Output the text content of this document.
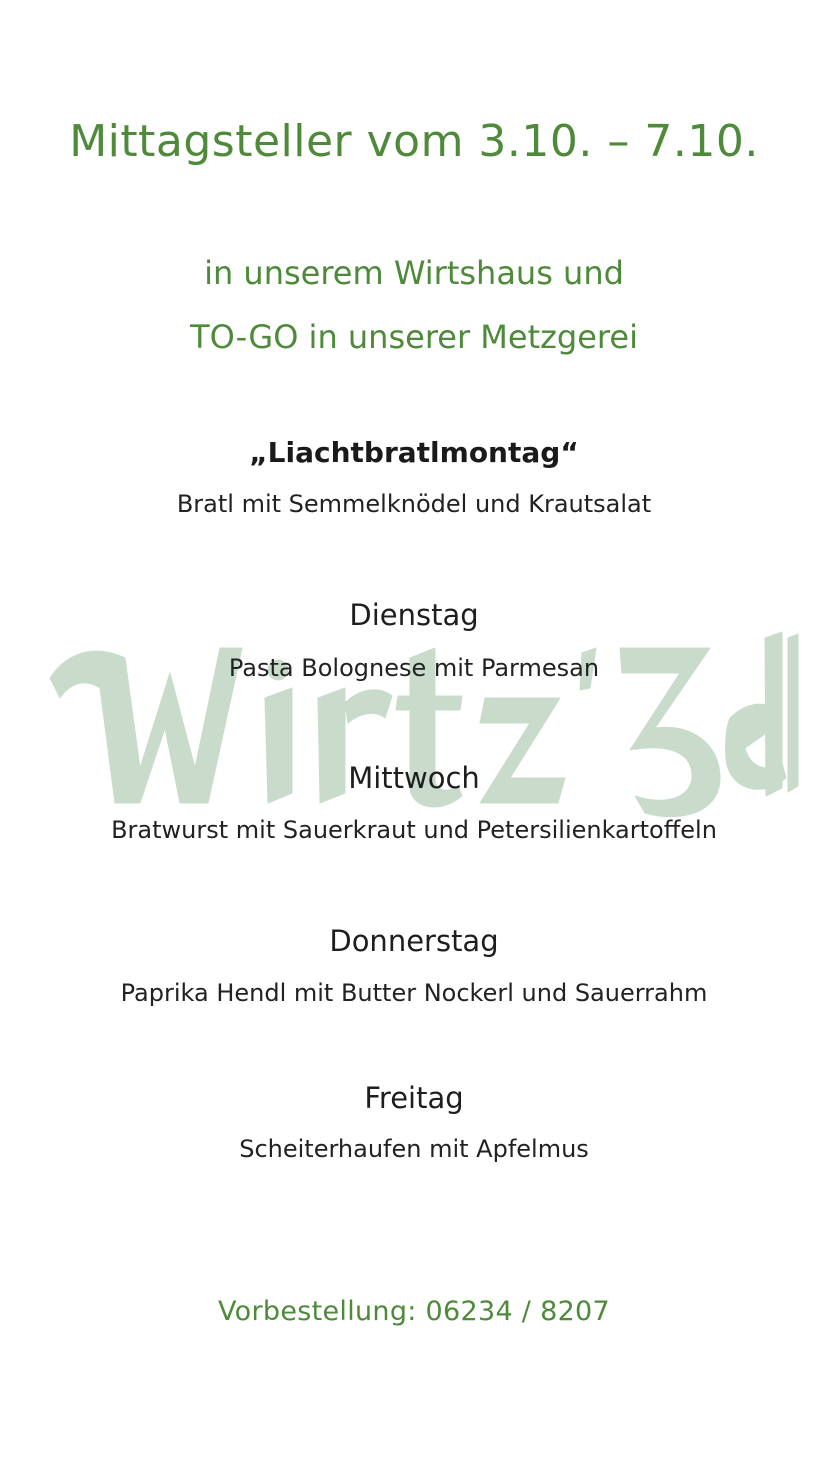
Mittagsteller vom 3.10. – 7.10.
in unserem Wirtshaus und
TO-GO in unserer Metzgerei
„Liachtbratlmontag“
Bratl mit Semmelknödel und Krautsalat
Dienstag
Pasta Bolognese mit Parmesan
Mittwoch
Bratwurst mit Sauerkraut und Petersilienkartoffeln
Donnerstag
Paprika Hendl mit Butter Nockerl und Sauerrahm
Freitag
Scheiterhaufen mit Apfelmus
Vorbestellung: 06234 / 8207
